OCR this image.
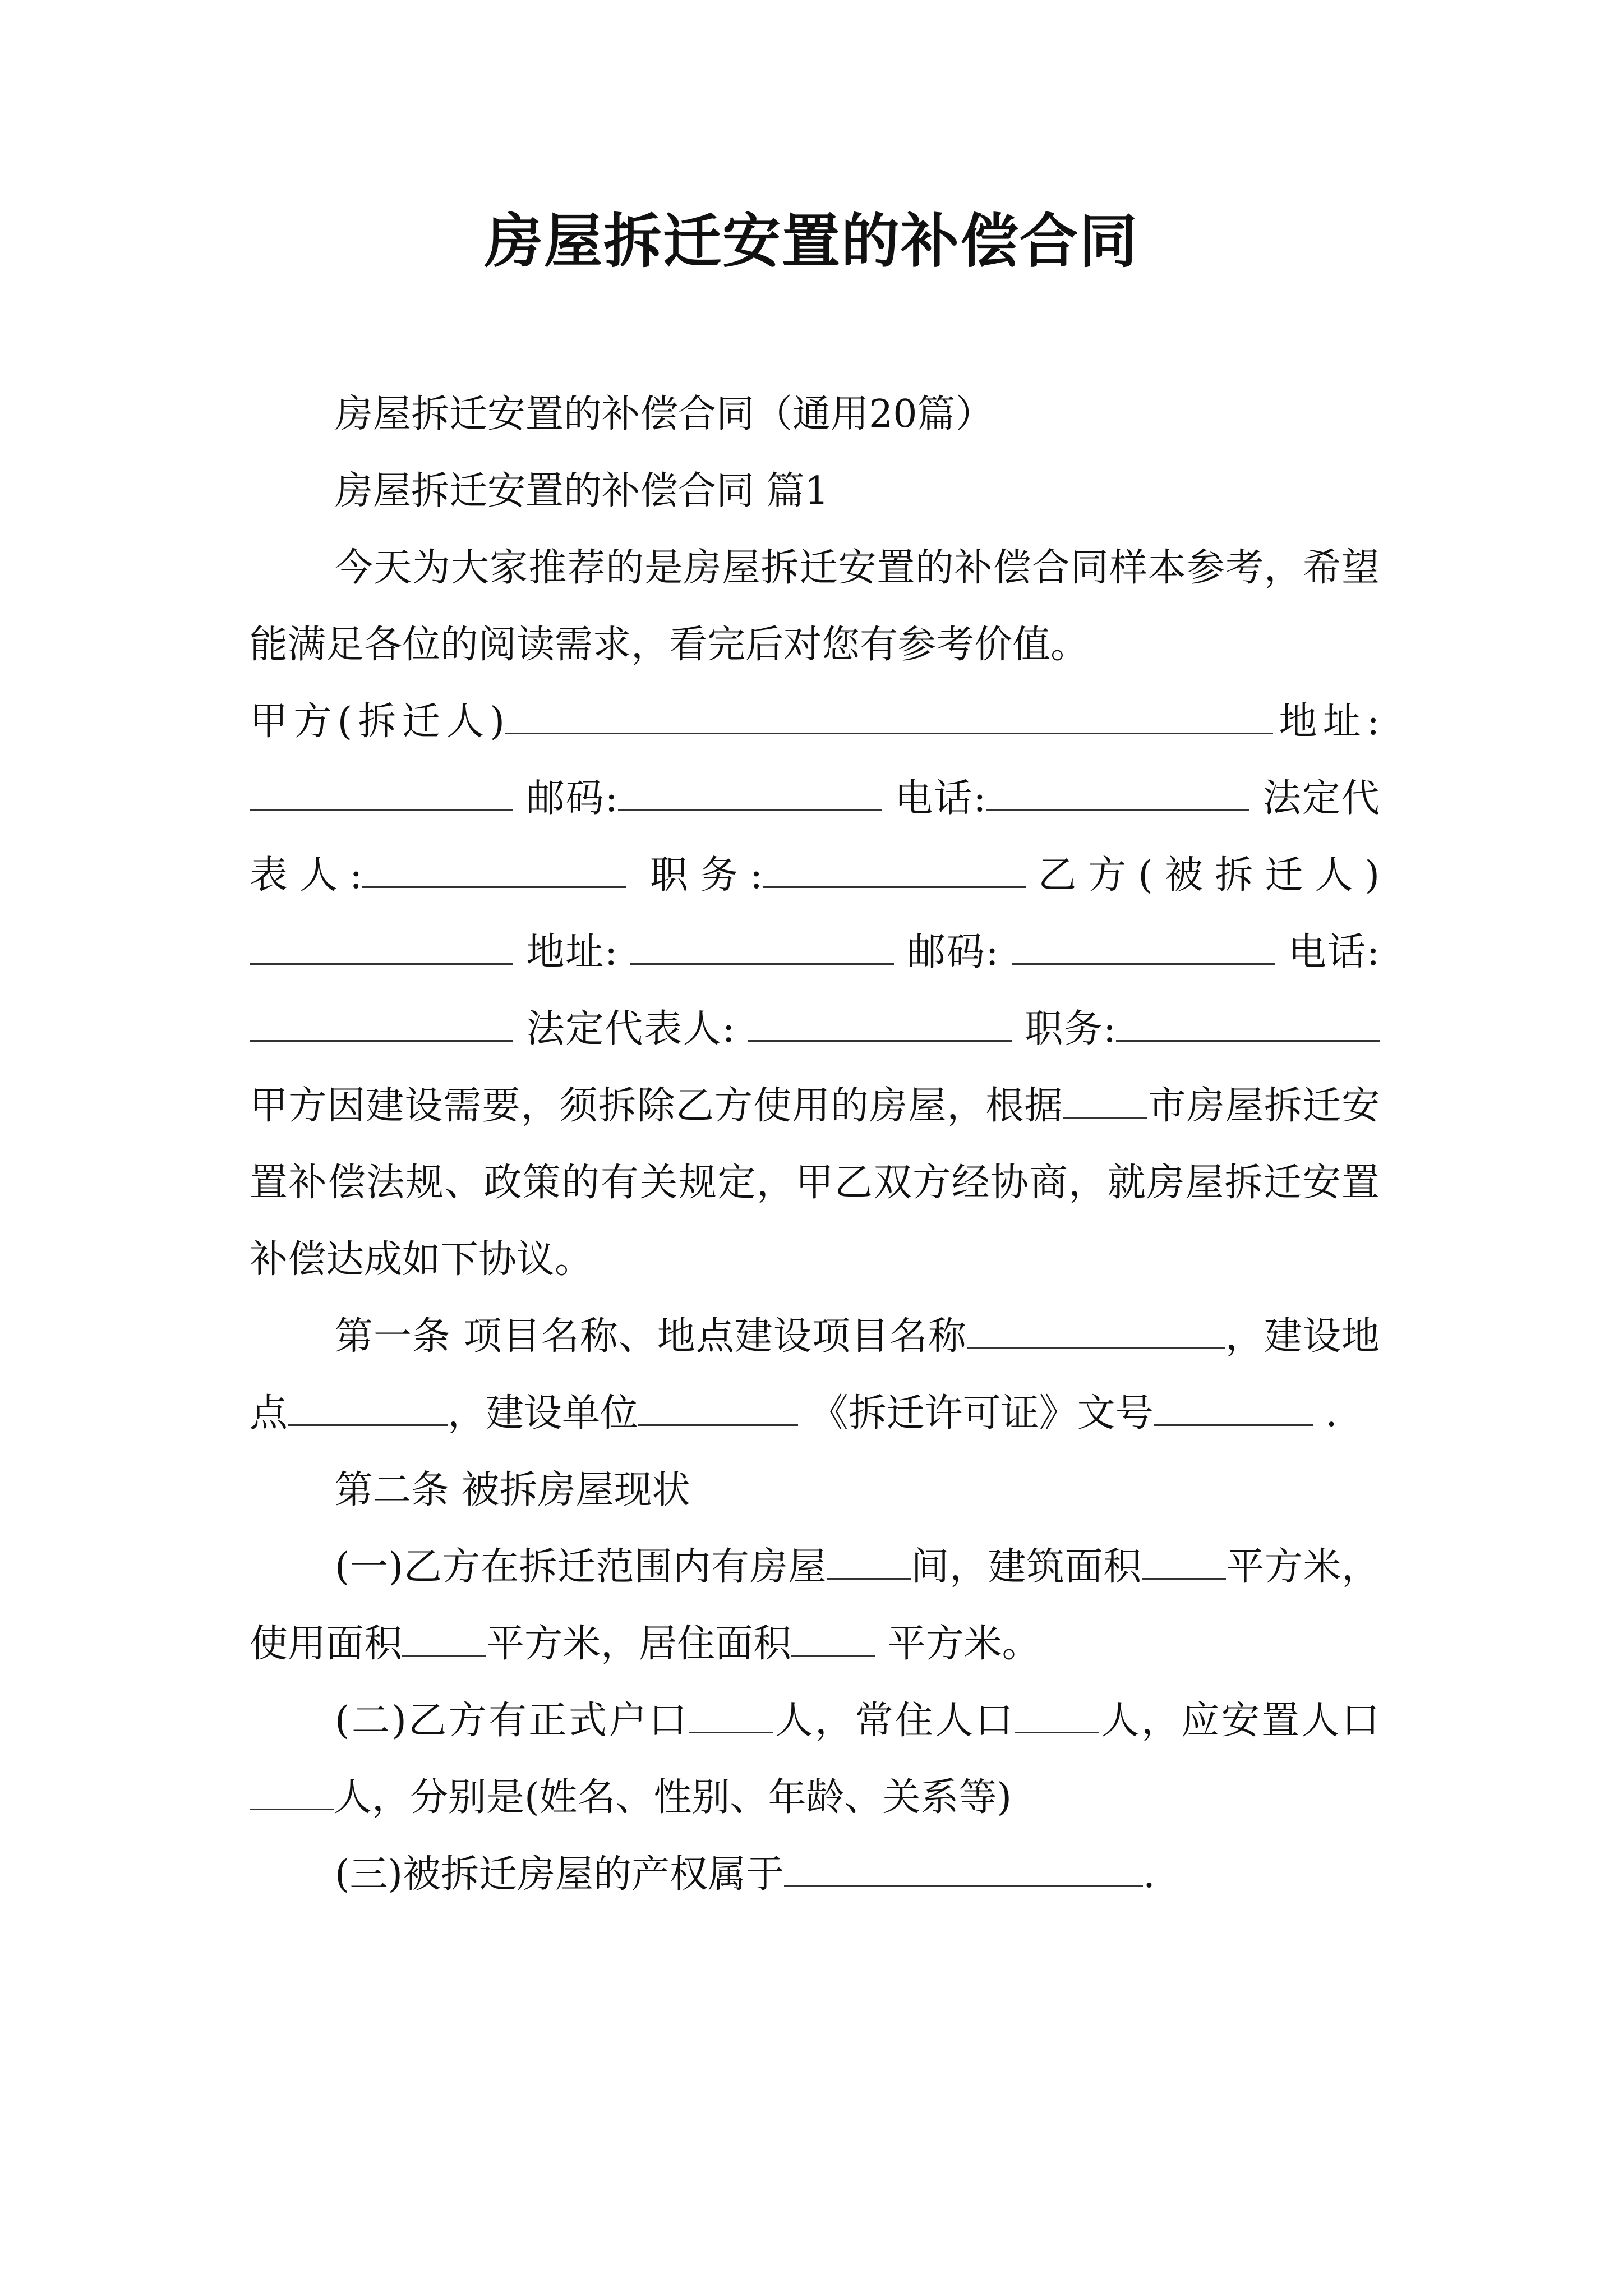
房屋拆迁安置的补偿合同

房屋拆迁安置的补偿合同（通用20篇）

房屋拆迁安置的补偿合同 篇1

今天为大家推荐的是房屋拆迁安置的补偿合同样本参考，希望能满足各位的阅读需求，看完后对您有参考价值。

甲方(拆迁人)	地址: 邮码:	电话:	法定代表人:	职务:	乙方(被拆迁人) 地址:	邮码:	电话:  法定代表人:	职务:甲方因建设需要，须拆除乙方使用的房屋，根据 市房屋拆迁安置补偿法规、政策的有关规定，甲乙双方经协商，就房屋拆迁安置补偿达成如下协议。

第一条 项目名称、地点建设项目名称	，建设地点	，建设单位	《拆迁许可证》文号	.

第二条 被拆房屋现状

(一)乙方在拆迁范围内有房屋 间，建筑面积 平方米，使用面积 平方米，居住面积 平方米。

(二)乙方有正式户口 人，常住人口 人，应安置人口人，分别是(姓名、性别、年龄、关系等)

(三)被拆迁房屋的产权属于	.
